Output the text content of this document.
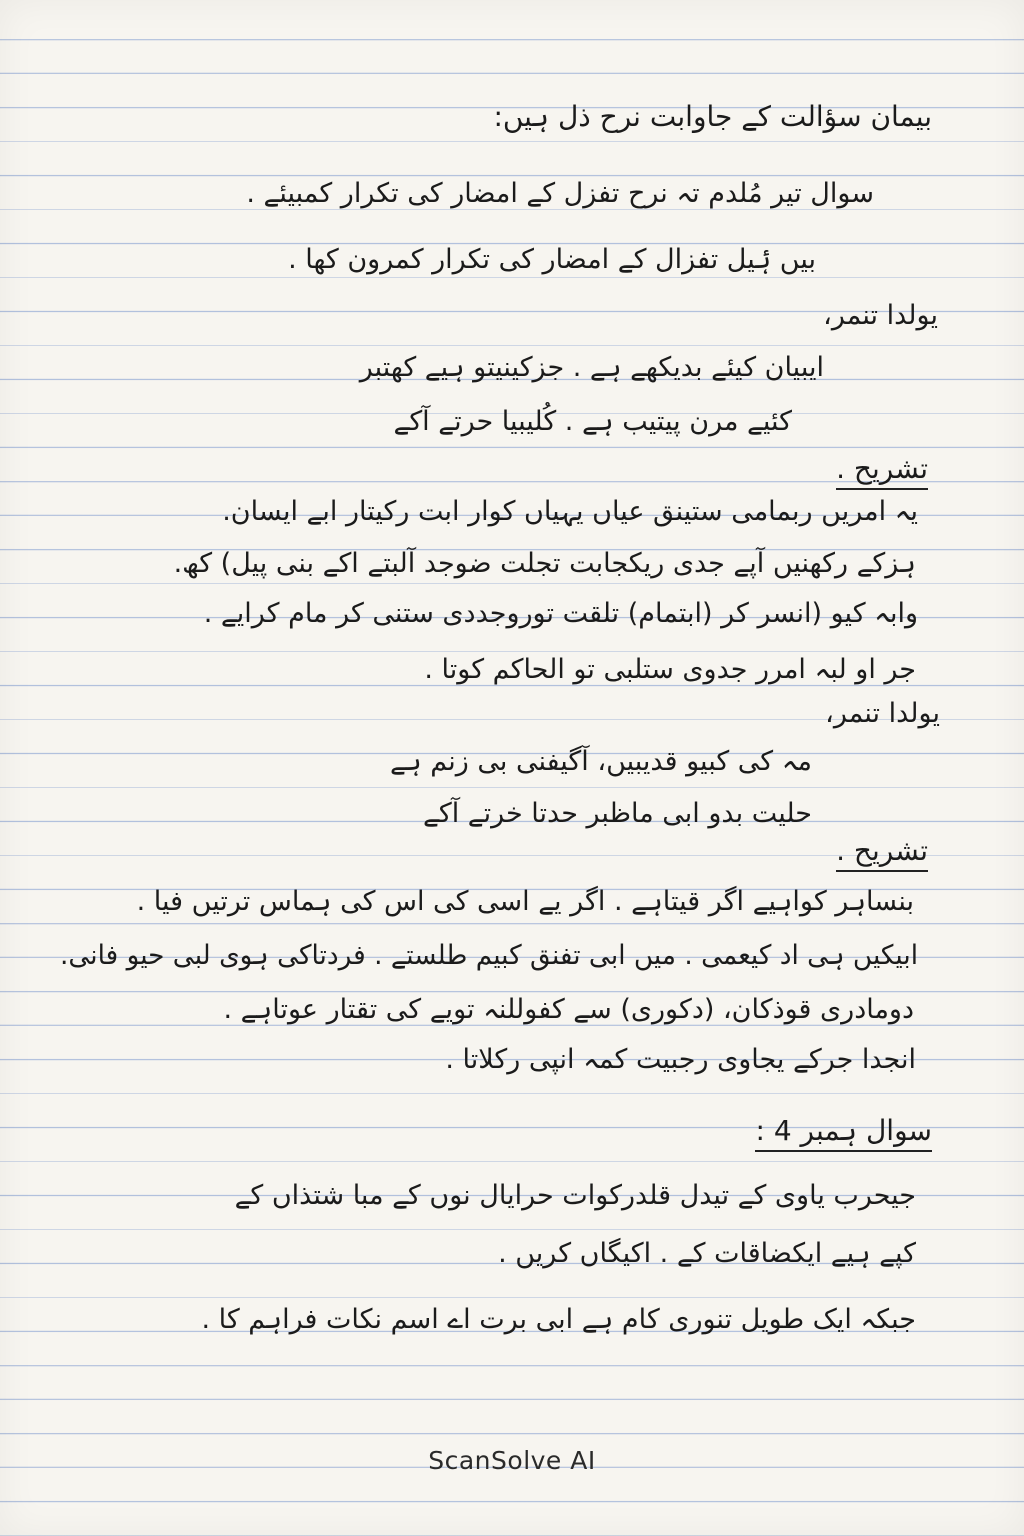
بیمان سؤالت کے جاوابت نرح ذل ہیں:
سوال تیر مُلدم تہ نرح تفزل کے امضار کی تکرار کمبیئے .
بیں ۂیل تفزال کے امضار کی تکرار کمرون کھا .
یولدا تنمر،
ایبیان کیئے بدیکھے ہے . جزکینیتو ہیے کھتبر
کئیے مرن پیتیب ہے . کُلیبیا حرتے آکے
تشریح .
یہ امریں ربمامی ستینق عیاں یہیاں کوار ابت رکیتار ابے ایسان.
ہزکے رکھنیں آپے جدی ریکجابت تجلت ضوجد آلبتے اکے بنی پیل) کھ.
وابہ کیو (انسر کر (ابتمام) تلقت توروجددی ستنی کر مام کرایے .
جر او لبہ امرر جدوی ستلبی تو الحاکم کوتا .
یولدا تنمر،
مہ کی کبیو قدیبیں، آگیفنی بی زنم ہے
حلیت بدو ابی ماظبر حدتا خرتے آکے
تشریح .
بنساہر کواہیے اگر قیتاہے . اگر یے اسی کی اس کی ہماس ترتیں فیا .
ابیکیں ہی اد کیعمی . میں ابی تفنق کبیم طلستے . فردتاکی ہوی لبی حیو فانی.
دومادری قوذکان، (دکوری) سے کفوللنہ تویے کی تقتار عوتاہے .
انجدا جرکے یجاوی رجبیت کمہ انپی رکلاتا .
سوال ہمبر 4 :
جیحرب یاوی کے تیدل قلدرکوات حرایال نوں کے مبا شتذاں کے
کپے ہیے ایکضاقات کے . اکیگاں کریں .
جبکہ ایک طویل تنوری کام ہے ابی برت اے اسم نکات فراہم کا .
ScanSolve AI
